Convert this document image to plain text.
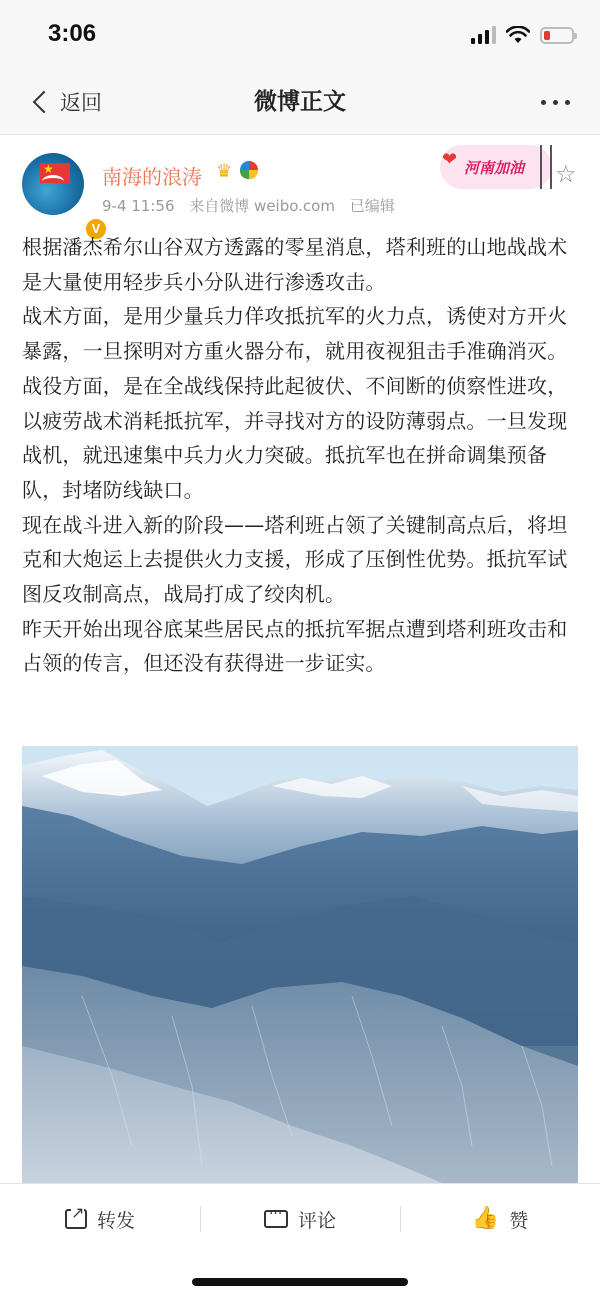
3:06
返回	微博正文
★
V
南海的浪涛 ♛
9-4 11:56 来自微博 weibo.com 已编辑
❤ 河南加油 ☆

根据潘杰希尔山谷双方透露的零星消息，塔利班的山地战战术是大量使用轻步兵小分队进行渗透攻击。

战术方面，是用少量兵力佯攻抵抗军的火力点，诱使对方开火暴露，一旦探明对方重火器分布，就用夜视狙击手准确消灭。

战役方面，是在全战线保持此起彼伏、不间断的侦察性进攻，以疲劳战术消耗抵抗军，并寻找对方的设防薄弱点。一旦发现战机，就迅速集中兵力火力突破。抵抗军也在拼命调集预备队，封堵防线缺口。

现在战斗进入新的阶段——塔利班占领了关键制高点后，将坦克和大炮运上去提供火力支援，形成了压倒性优势。抵抗军试图反攻制高点，战局打成了绞肉机。

昨天开始出现谷底某些居民点的抵抗军据点遭到塔利班攻击和占领的传言，但还没有获得进一步证实。

↗
转发
···	评论	👍 赞
